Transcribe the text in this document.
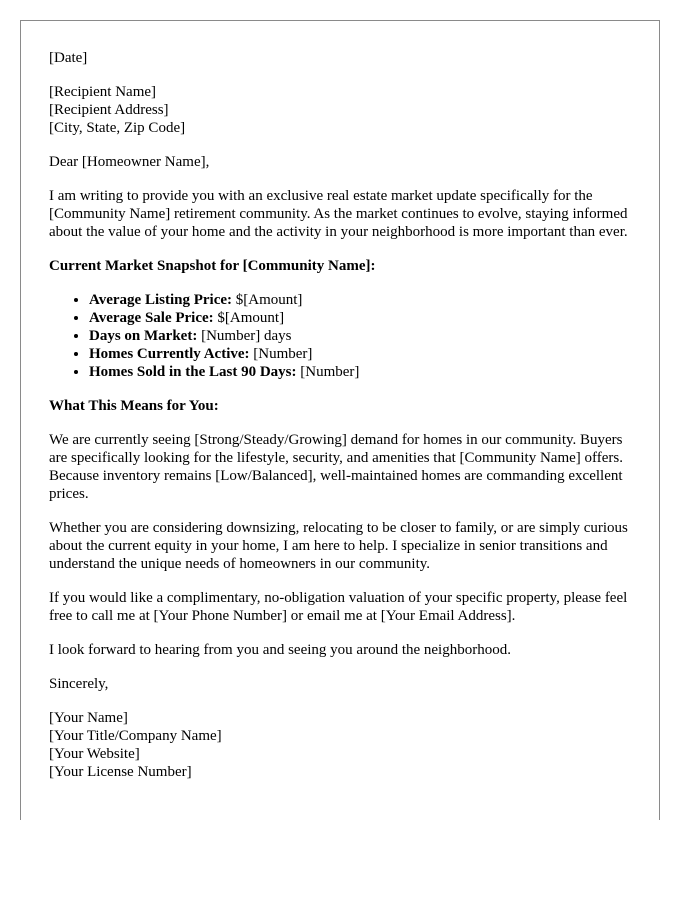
[Date]

[Recipient Name]
[Recipient Address]
[City, State, Zip Code]

Dear [Homeowner Name],

I am writing to provide you with an exclusive real estate market update specifically for the [Community Name] retirement community. As the market continues to evolve, staying informed about the value of your home and the activity in your neighborhood is more important than ever.

Current Market Snapshot for [Community Name]:
• Average Listing Price: $[Amount]
• Average Sale Price: $[Amount]
• Days on Market: [Number] days
• Homes Currently Active: [Number]
• Homes Sold in the Last 90 Days: [Number]
What This Means for You:

We are currently seeing [Strong/Steady/Growing] demand for homes in our community. Buyers are specifically looking for the lifestyle, security, and amenities that [Community Name] offers. Because inventory remains [Low/Balanced], well-maintained homes are commanding excellent prices.

Whether you are considering downsizing, relocating to be closer to family, or are simply curious about the current equity in your home, I am here to help. I specialize in senior transitions and understand the unique needs of homeowners in our community.

If you would like a complimentary, no-obligation valuation of your specific property, please feel free to call me at [Your Phone Number] or email me at [Your Email Address].

I look forward to hearing from you and seeing you around the neighborhood.

Sincerely,

[Your Name]
[Your Title/Company Name]
[Your Website]
[Your License Number]
